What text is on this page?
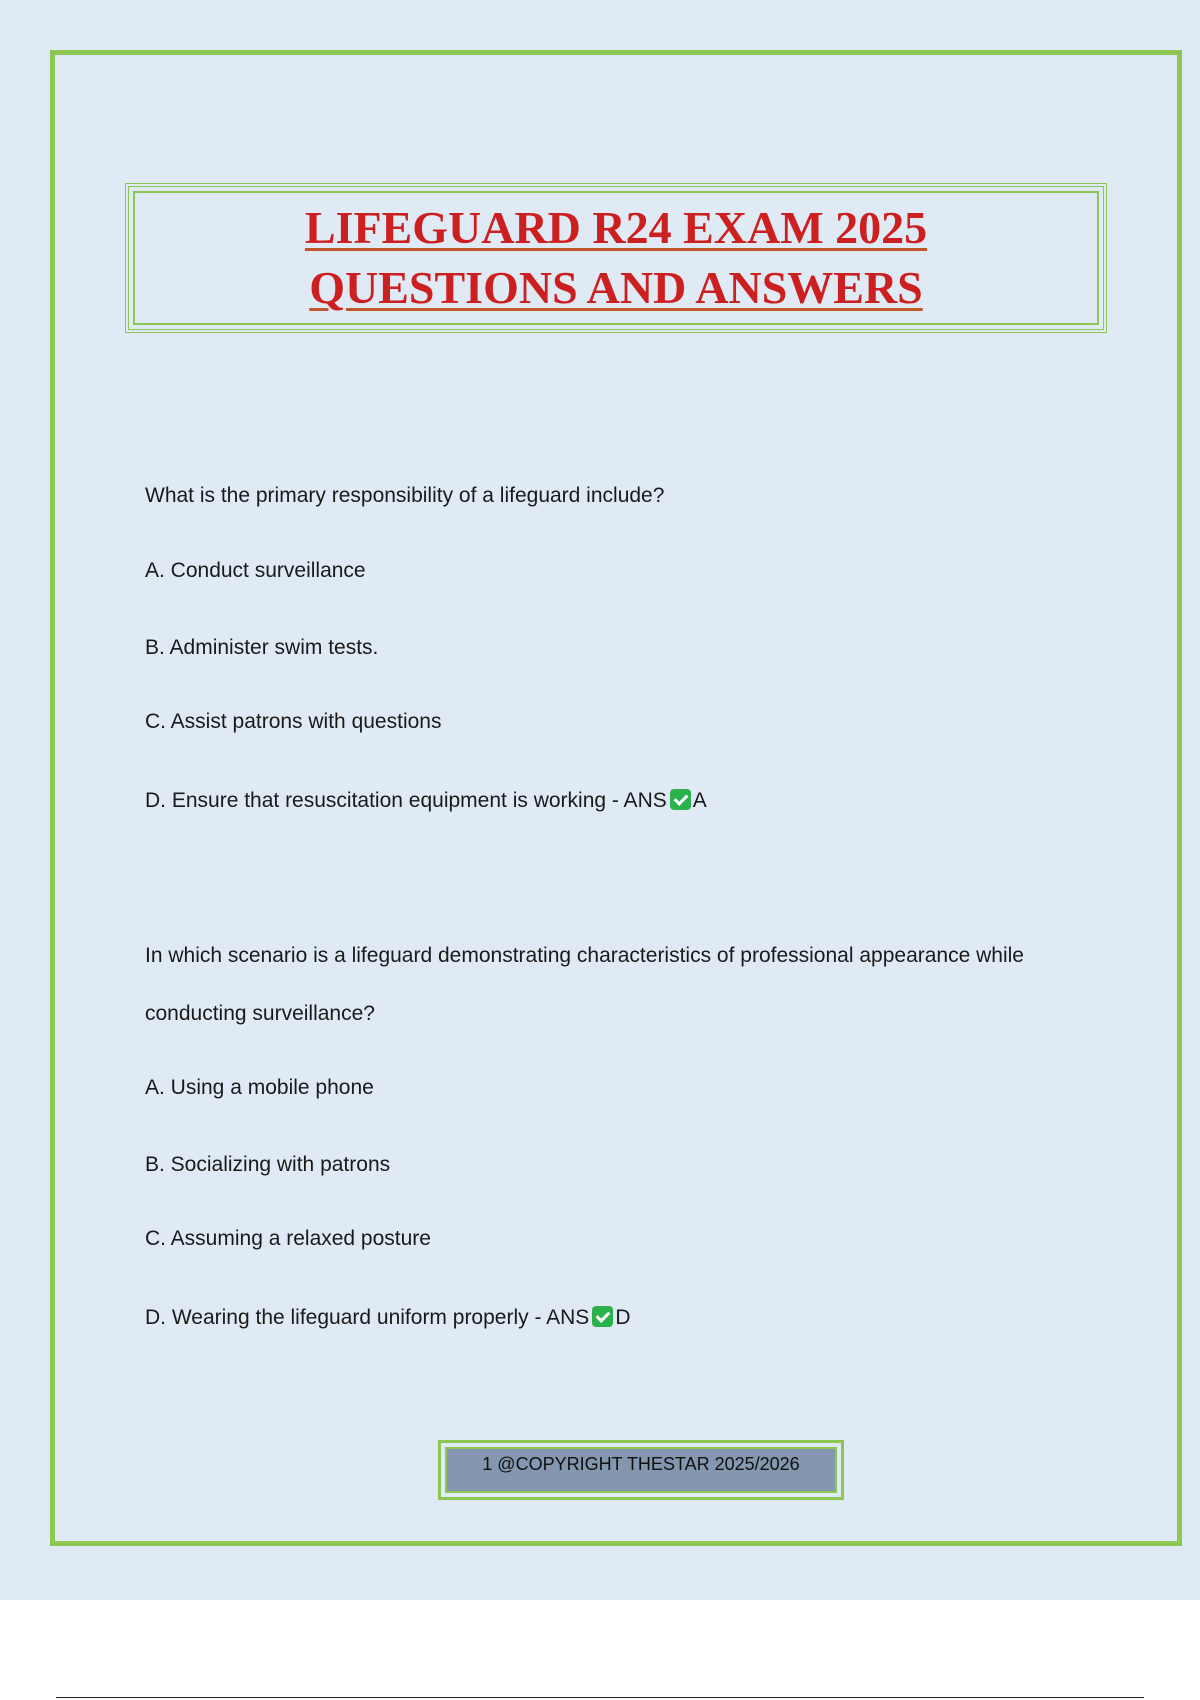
LIFEGUARD R24 EXAM 2025
QUESTIONS AND ANSWERS
What is the primary responsibility of a lifeguard include?
A. Conduct surveillance
B. Administer swim tests.
C. Assist patrons with questions
D. Ensure that resuscitation equipment is working - ANS A
In which scenario is a lifeguard demonstrating characteristics of professional appearance while
conducting surveillance?
A. Using a mobile phone
B. Socializing with patrons
C. Assuming a relaxed posture
D. Wearing the lifeguard uniform properly - ANS D
1 @COPYRIGHT THESTAR 2025/2026
